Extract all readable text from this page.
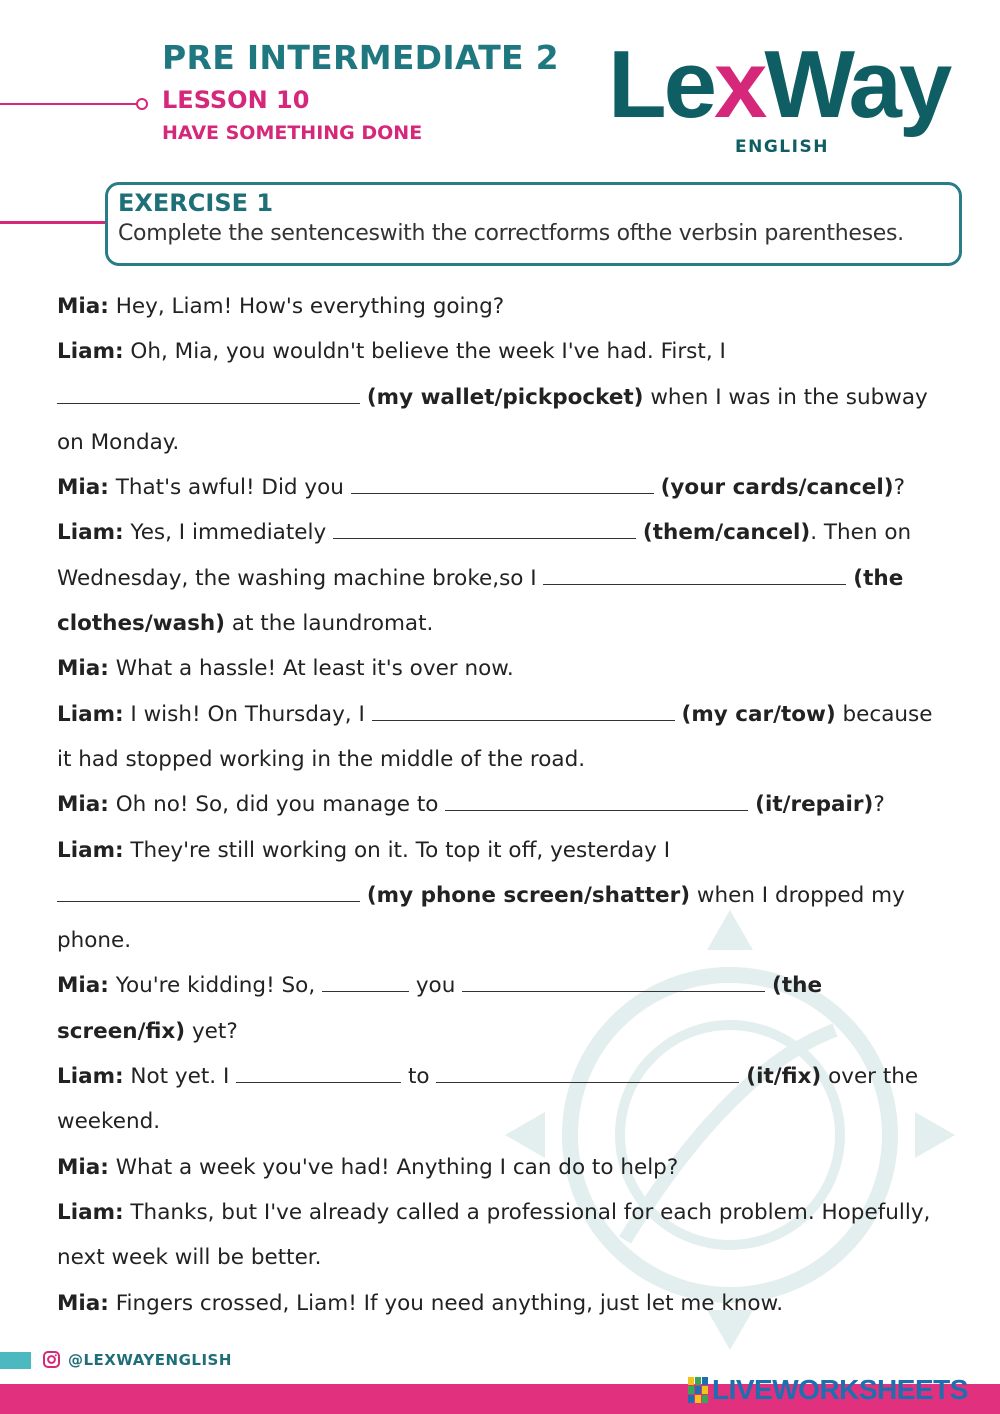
PRE INTERMEDIATE 2
LESSON 10
HAVE SOMETHING DONE LexWay
ENGLISH
EXERCISE 1
Complete the sentenceswith the correctforms ofthe verbsin parentheses.
Mia: Hey, Liam! How's everything going?
Liam: Oh, Mia, you wouldn't believe the week I've had. First, I
(my wallet/pickpocket) when I was in the subway
on Monday.
Mia: That's awful! Did you	(your cards/cancel)?
Liam: Yes, I immediately	(them/cancel). Then on
Wednesday, the washing machine broke,so I	(the
clothes/wash) at the laundromat.
Mia: What a hassle! At least it's over now.
Liam: I wish! On Thursday, I	(my car/tow) because
it had stopped working in the middle of the road.
Mia: Oh no! So, did you manage to	(it/repair)?
Liam: They're still working on it. To top it off, yesterday I
(my phone screen/shatter) when I dropped my
phone.
Mia: You're kidding! So,	you	(the
screen/fix) yet?
Liam: Not yet. I	to	(it/fix) over the
weekend.
Mia: What a week you've had! Anything I can do to help?
Liam: Thanks, but I've already called a professional for each problem. Hopefully,
next week will be better.
Mia: Fingers crossed, Liam! If you need anything, just let me know.
@LEXWAYENGLISH
LIVEWORKSHEETS
